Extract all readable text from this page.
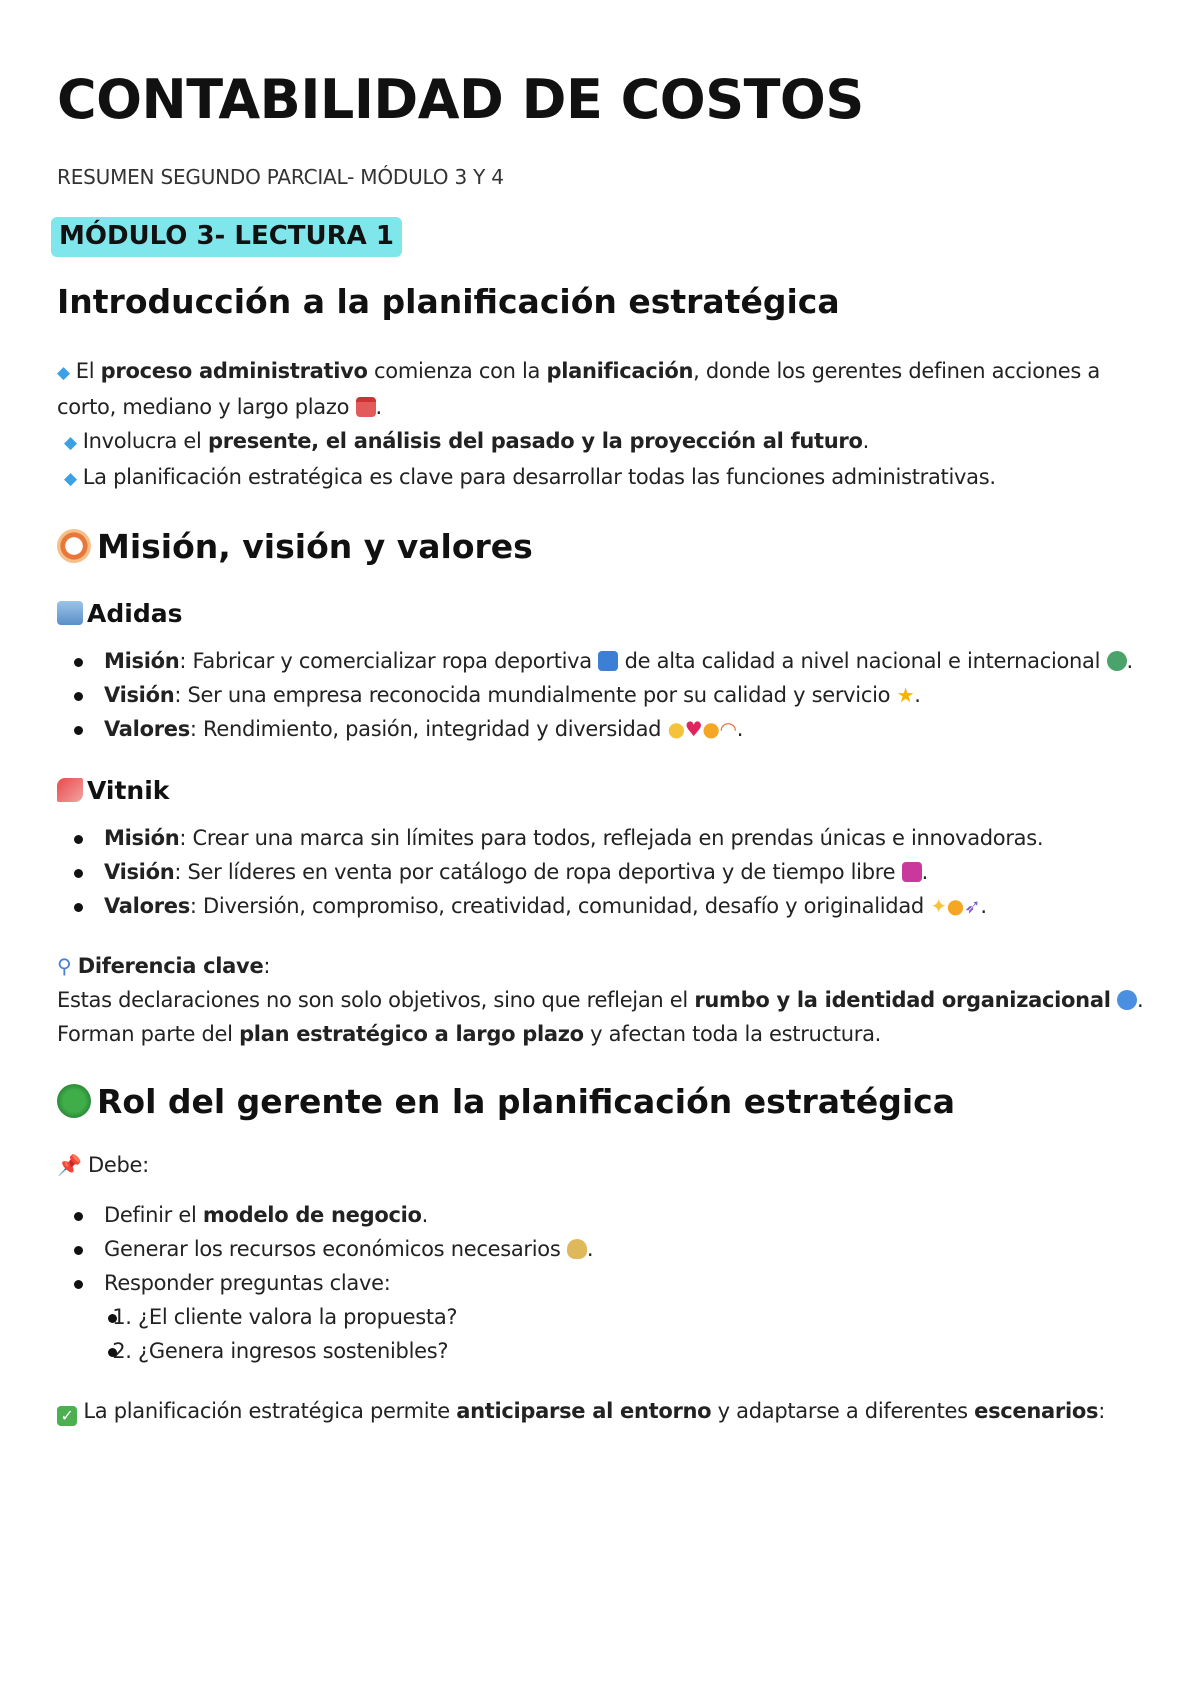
CONTABILIDAD DE COSTOS
RESUMEN SEGUNDO PARCIAL- MÓDULO 3 Y 4
MÓDULO 3- LECTURA 1
Introducción a la planificación estratégica

◆ El proceso administrativo comienza con la planificación, donde los gerentes definen acciones a corto, mediano y largo plazo .

◆ Involucra el presente, el análisis del pasado y la proyección al futuro.

◆ La planificación estratégica es clave para desarrollar todas las funciones administrativas.

Misión, visión y valores
Adidas
Misión: Fabricar y comercializar ropa deportiva  de alta calidad a nivel nacional e internacional .
Visión: Ser una empresa reconocida mundialmente por su calidad y servicio ★.
Valores: Rendimiento, pasión, integridad y diversidad ●♥●◠.
Vitnik
Misión: Crear una marca sin límites para todos, reflejada en prendas únicas e innovadoras.
Visión: Ser líderes en venta por catálogo de ropa deportiva y de tiempo libre .
Valores: Diversión, compromiso, creatividad, comunidad, desafío y originalidad ✦●➶.

⚲ Diferencia clave:

Estas declaraciones no son solo objetivos, sino que reflejan el rumbo y la identidad organizacional .

Forman parte del plan estratégico a largo plazo y afectan toda la estructura.

Rol del gerente en la planificación estratégica

📌 Debe:

Definir el modelo de negocio.
Generar los recursos económicos necesarios .
Responder preguntas clave:
1. ¿El cliente valora la propuesta?
2. ¿Genera ingresos sostenibles?

✓ La planificación estratégica permite anticiparse al entorno y adaptarse a diferentes escenarios:
